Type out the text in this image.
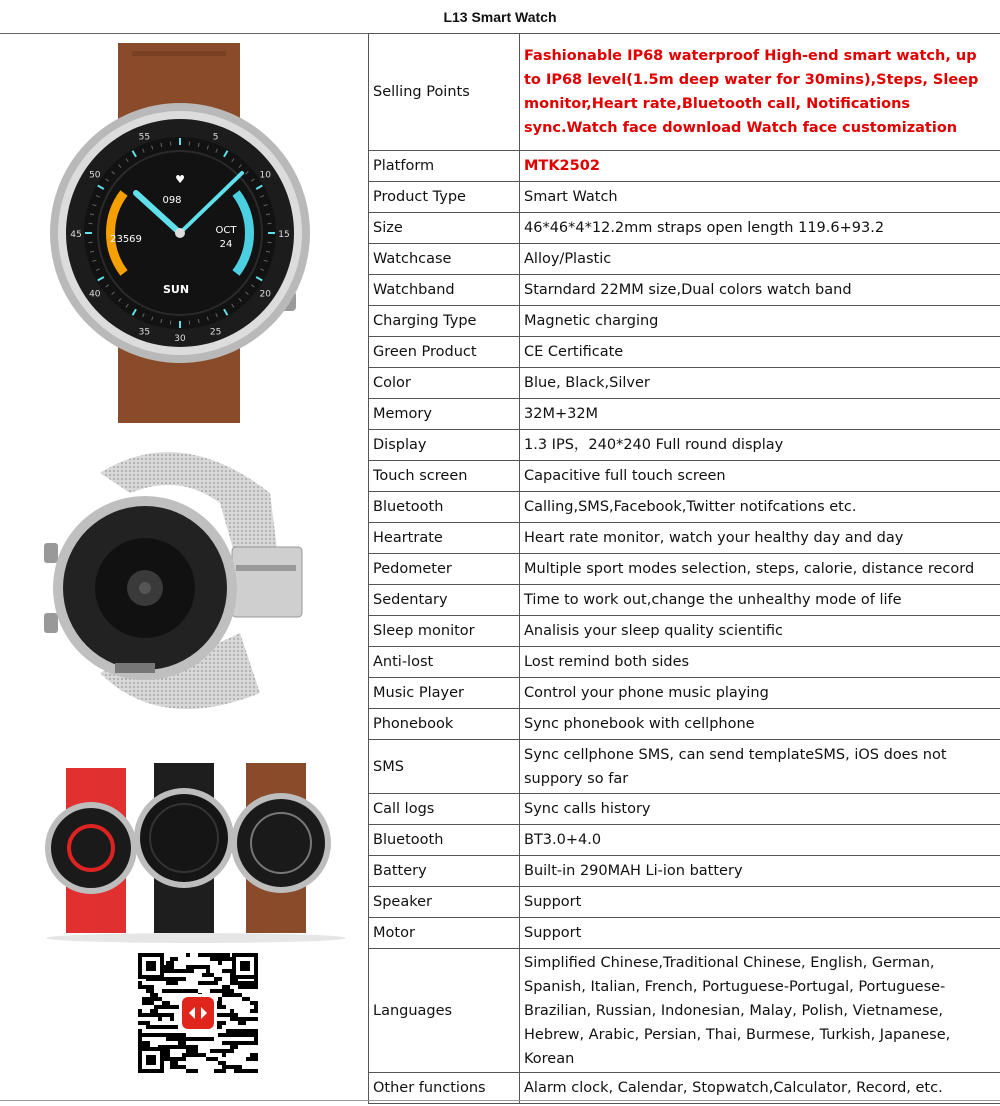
L13 Smart Watch
55	5
10
15
45
20
40
25
35
30
50	♥
098
23569
OCT
24
SUN
Selling Points	Fashionable IP68 waterproof High-end smart watch, up to IP68 level(1.5m deep water for 30mins),Steps, Sleep monitor,Heart rate,Bluetooth call, Notifications sync.Watch face download Watch face customization
Platform	MTK2502
Product Type	Smart Watch
Size	46*46*4*12.2mm straps open length 119.6+93.2
Watchcase	Alloy/Plastic
Watchband	Starndard 22MM size,Dual colors watch band
Charging Type	Magnetic charging
Green Product	CE Certificate
Color	Blue, Black,Silver
Memory	32M+32M
Display	1.3 IPS，240*240 Full round display
Touch screen	Capacitive full touch screen
Bluetooth	Calling,SMS,Facebook,Twitter notifcations etc.
Heartrate	Heart rate monitor, watch your healthy day and day
Pedometer	Multiple sport modes selection, steps, calorie, distance record
Sedentary	Time to work out,change the unhealthy mode of life
Sleep monitor	Analisis your sleep quality scientific
Anti-lost	Lost remind both sides
Music Player	Control your phone music playing
Phonebook	Sync phonebook with cellphone
SMS	Sync cellphone SMS, can send templateSMS, iOS does not suppory so far
Call logs	Sync calls history
Bluetooth	BT3.0+4.0
Battery	Built-in 290MAH Li-ion battery
Speaker	Support
Motor	Support
Languages	Simplified Chinese,Traditional Chinese, English, German, Spanish, Italian, French, Portuguese-Portugal, Portuguese-Brazilian, Russian, Indonesian, Malay, Polish, Vietnamese, Hebrew, Arabic, Persian, Thai, Burmese, Turkish, Japanese, Korean
Other functions	Alarm clock, Calendar, Stopwatch,Calculator, Record, etc.
